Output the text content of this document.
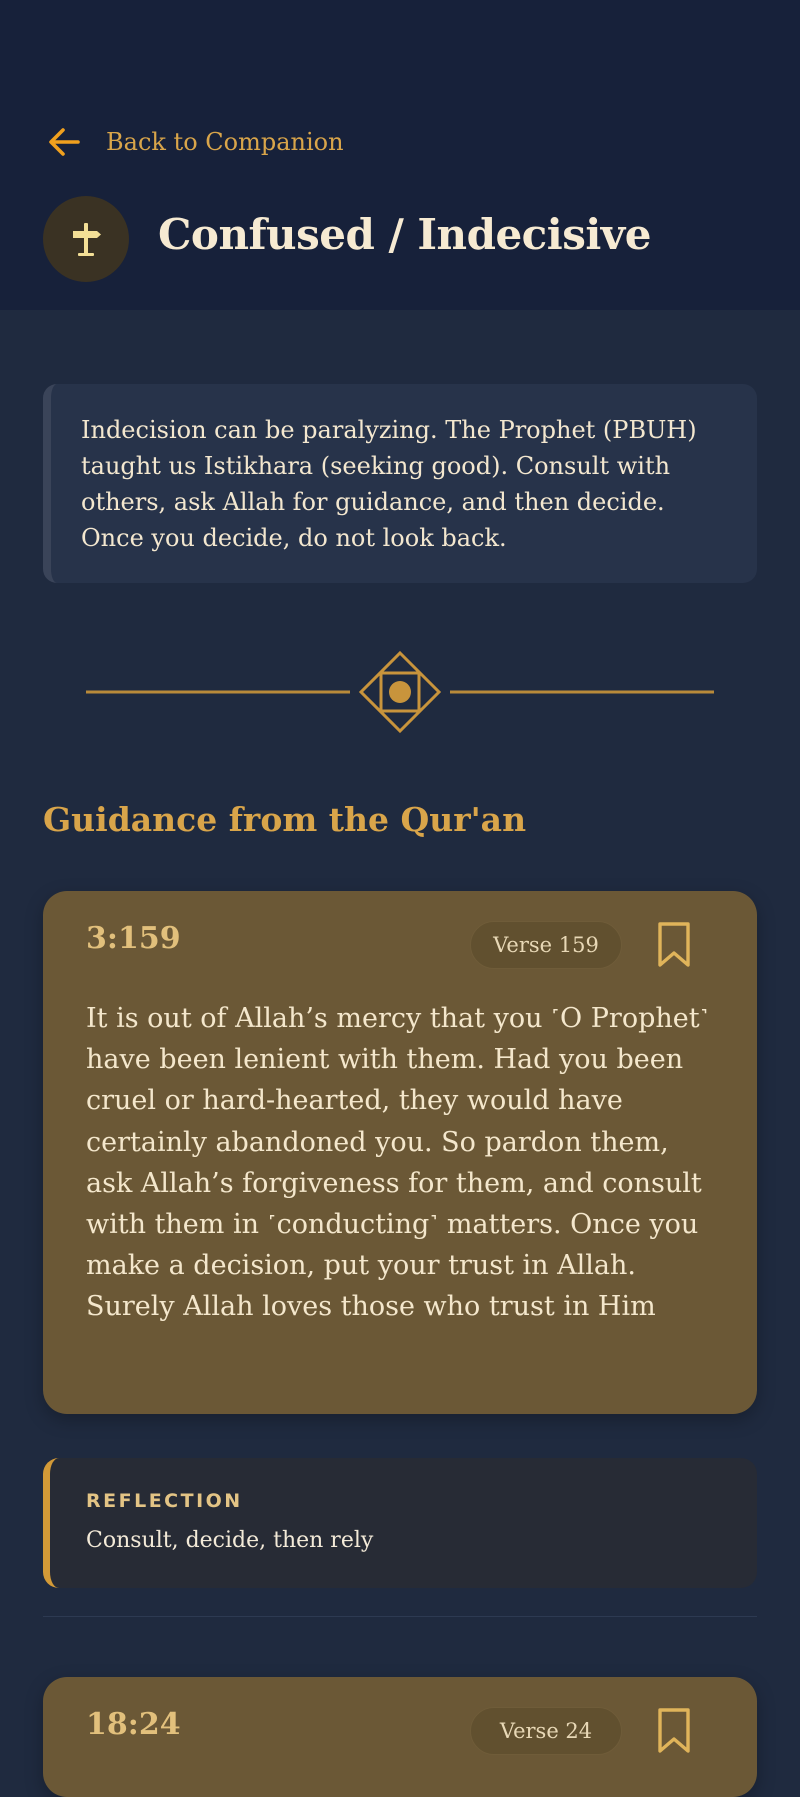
Back to Companion
Confused / Indecisive
Indecision can be paralyzing. The Prophet (PBUH) taught us Istikhara (seeking good). Consult with others, ask Allah for guidance, and then decide. Once you decide, do not look back.
Guidance from the Qur'an
3:159	Verse 159
It is out of Allah’s mercy that you ˹O Prophet˺ have been lenient with them. Had you been cruel or hard-hearted, they would have certainly abandoned you. So pardon them, ask Allah’s forgiveness for them, and consult with them in ˹conducting˺ matters. Once you make a decision, put your trust in Allah. Surely Allah loves those who trust in Him
REFLECTION
Consult, decide, then rely
18:24	Verse 24
